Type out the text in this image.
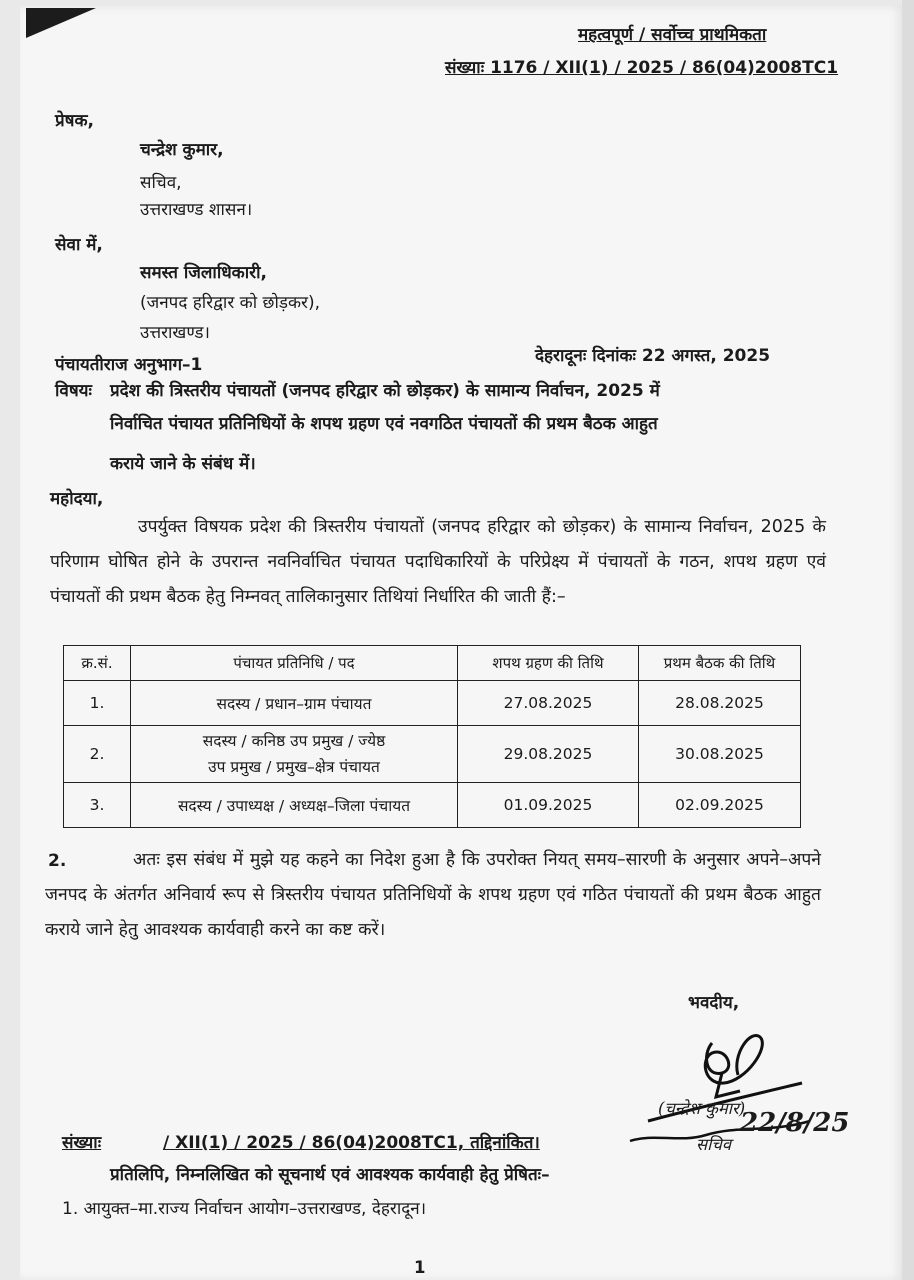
महत्वपूर्ण / सर्वोच्च प्राथमिकता
संख्याः 1176 / XII(1) / 2025 / 86(04)2008TC1
प्रेषक,
चन्द्रेश कुमार,
सचिव,
उत्तराखण्ड शासन।
सेवा में,
समस्त जिलाधिकारी,
(जनपद हरिद्वार को छोड़कर),
उत्तराखण्ड।
पंचायतीराज अनुभाग–1	देहरादूनः दिनांकः 22 अगस्त, 2025
विषयः प्रदेश की त्रिस्तरीय पंचायतों (जनपद हरिद्वार को छोड़कर) के सामान्य निर्वाचन, 2025 में
निर्वाचित पंचायत प्रतिनिधियों के शपथ ग्रहण एवं नवगठित पंचायतों की प्रथम बैठक आहुत
कराये जाने के संबंध में।
महोदया,

उपर्युक्त विषयक प्रदेश की त्रिस्तरीय पंचायतों (जनपद हरिद्वार को छोड़कर) के सामान्य निर्वाचन, 2025 के परिणाम घोषित होने के उपरान्त नवनिर्वाचित पंचायत पदाधिकारियों के परिप्रेक्ष्य में पंचायतों के गठन, शपथ ग्रहण एवं पंचायतों की प्रथम बैठक हेतु निम्नवत् तालिकानुसार तिथियां निर्धारित की जाती हैं:–

क्र.सं.	पंचायत प्रतिनिधि / पद	शपथ ग्रहण की तिथि	प्रथम बैठक की तिथि
1.	सदस्य / प्रधान–ग्राम पंचायत	27.08.2025	28.08.2025
2.	सदस्य / कनिष्ठ उप प्रमुख / ज्येष्ठ
उप प्रमुख / प्रमुख–क्षेत्र पंचायत	29.08.2025	30.08.2025
3.	सदस्य / उपाध्यक्ष / अध्यक्ष–जिला पंचायत	01.09.2025	02.09.2025
2.	अतः इस संबंध में मुझे यह कहने का निदेश हुआ है कि उपरोक्त नियत् समय–सारणी के अनुसार अपने–अपने जनपद के अंतर्गत अनिवार्य रूप से त्रिस्तरीय पंचायत प्रतिनिधियों के शपथ ग्रहण एवं गठित पंचायतों की प्रथम बैठक आहुत कराये जाने हेतु आवश्यक कार्यवाही करने का कष्ट करें।

भवदीय,
(चन्द्रेश कुमार)
सचिव
22/8/25
संख्याः	/ XII(1) / 2025 / 86(04)2008TC1, तद्दिनांकित।
प्रतिलिपि, निम्नलिखित को सूचनार्थ एवं आवश्यक कार्यवाही हेतु प्रेषितः–
1. आयुक्त–मा.राज्य निर्वाचन आयोग–उत्तराखण्ड, देहरादून।
1
